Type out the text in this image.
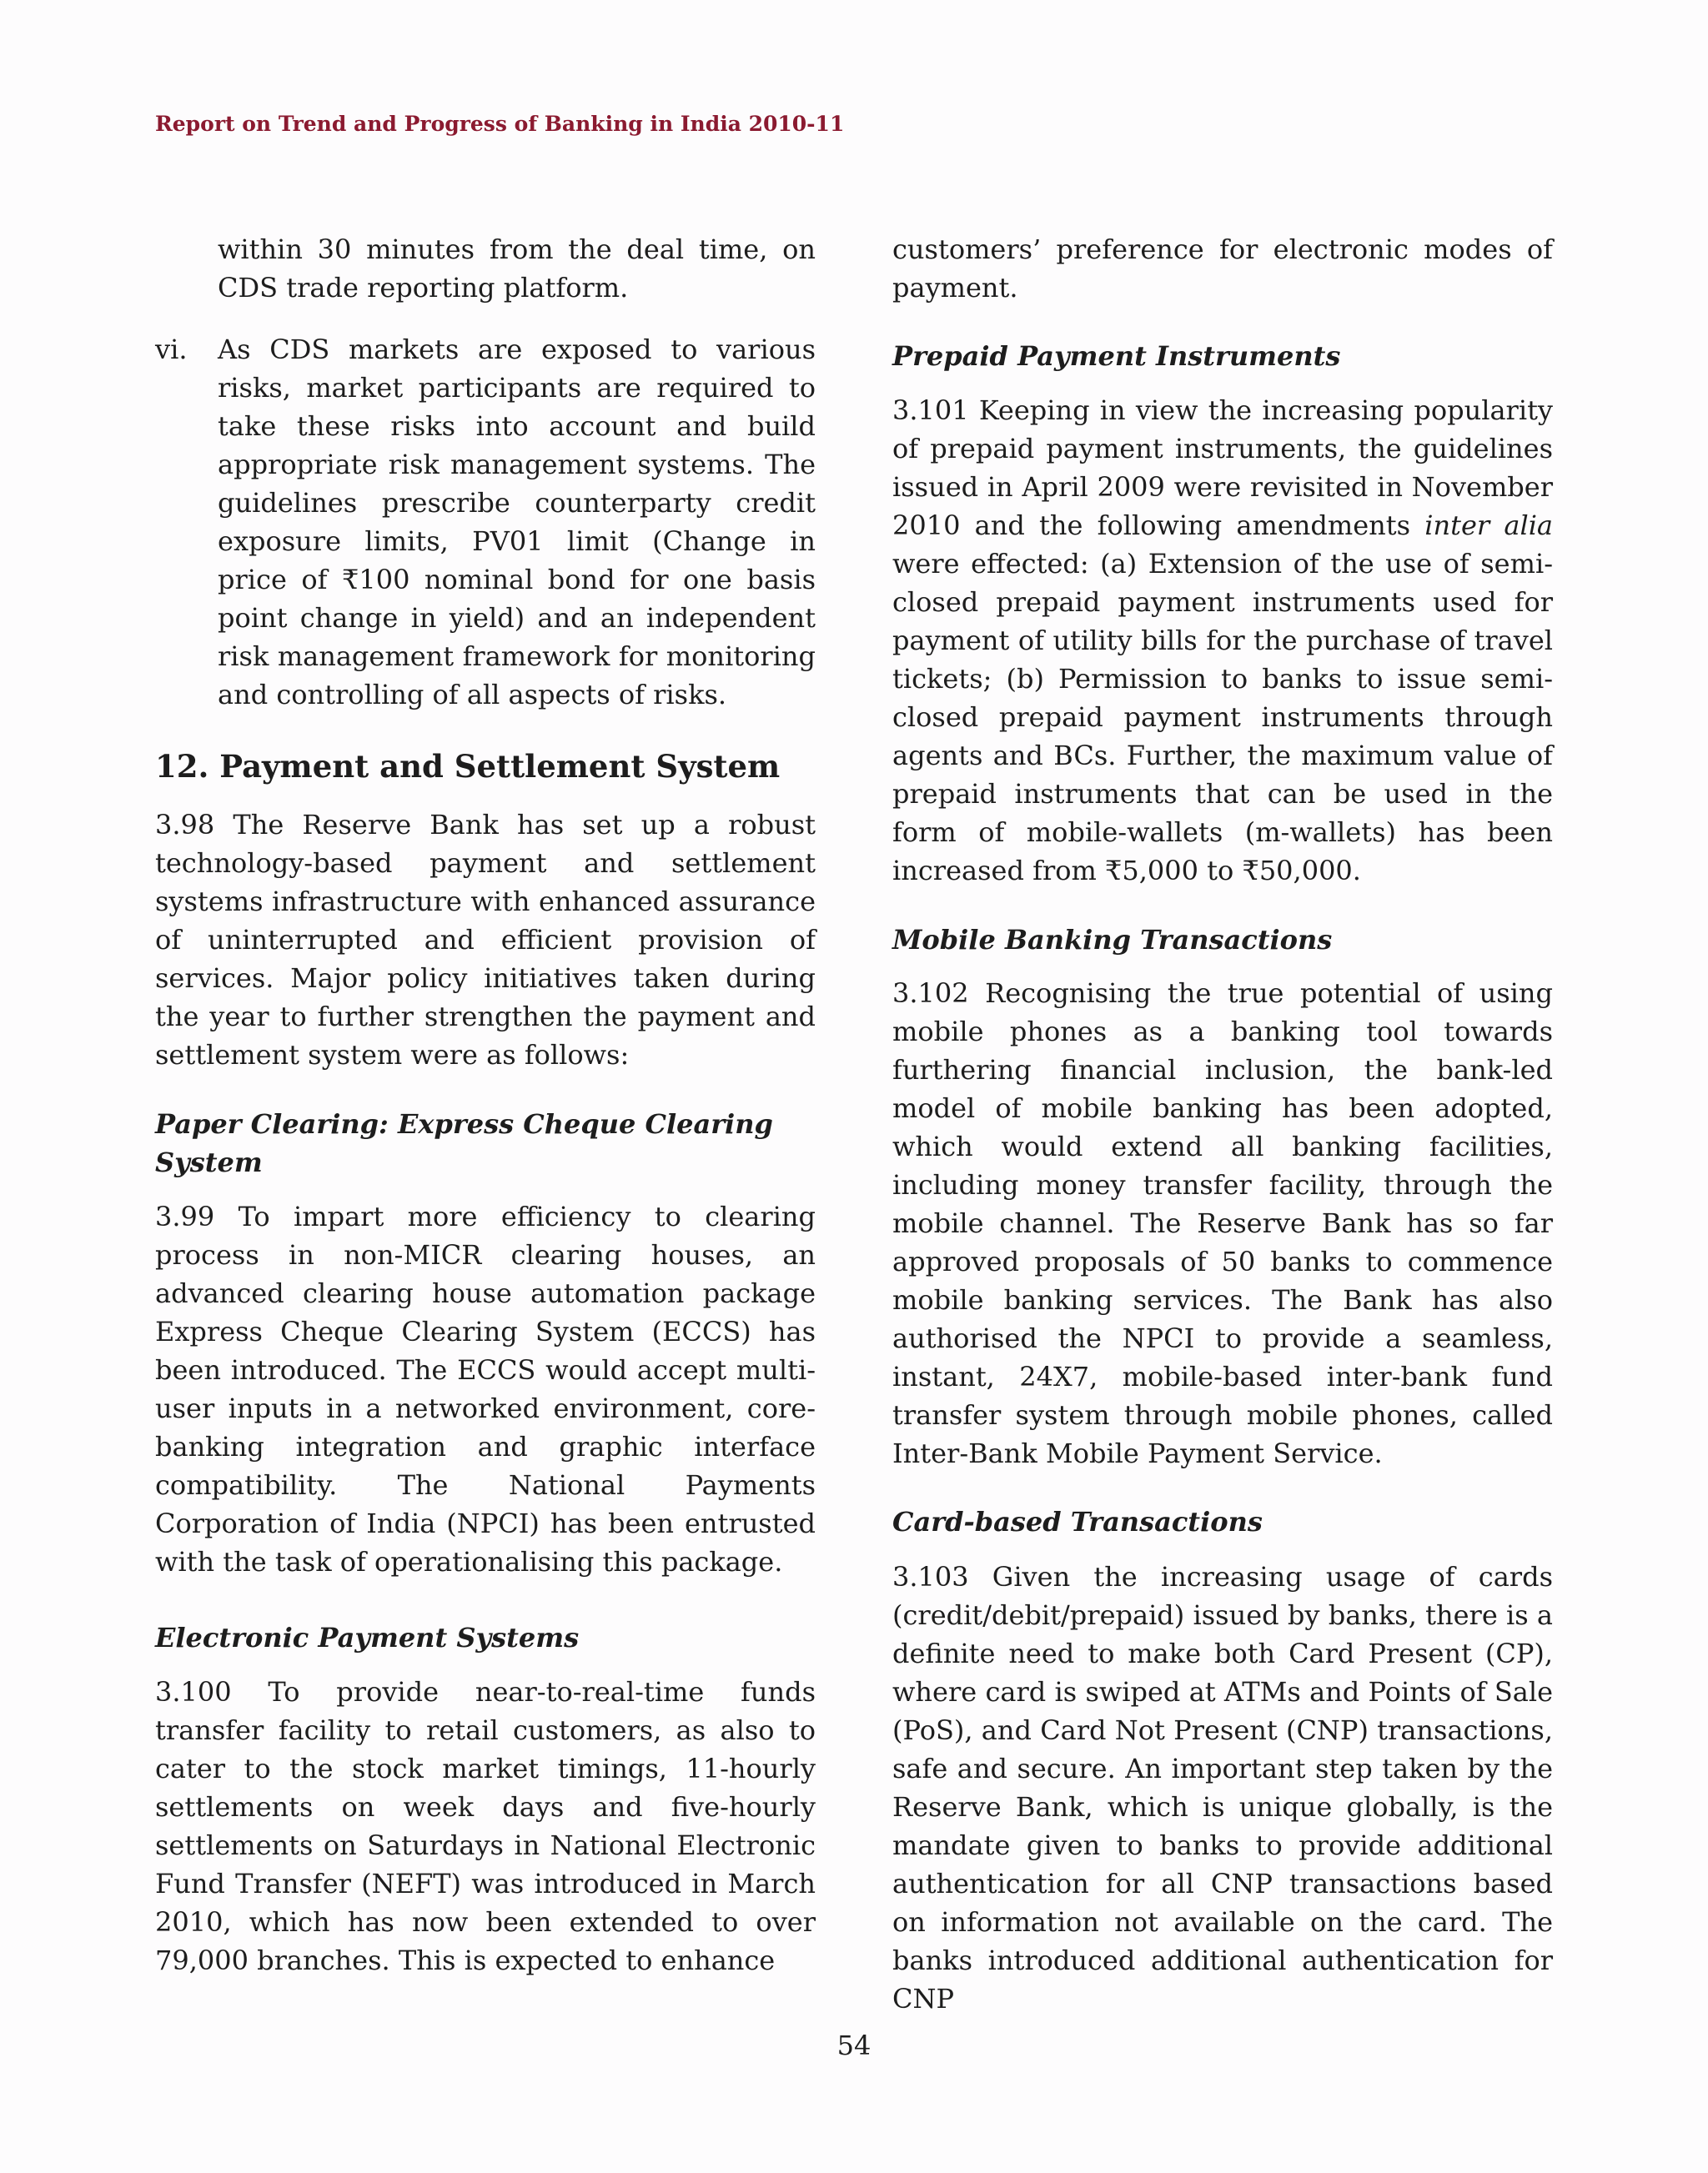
Report on Trend and Progress of Banking in India 2010-11
within 30 minutes from the deal time, on CDS trade reporting platform.
vi.	As CDS markets are exposed to various risks, market participants are required to take these risks into account and build appropriate risk management systems. The guidelines prescribe counterparty credit exposure limits, PV01 limit (Change in price of ₹100 nominal bond for one basis point change in yield) and an independent risk management framework for monitoring and controlling of all aspects of risks.
12. Payment and Settlement System
3.98 The Reserve Bank has set up a robust technology-based payment and settlement systems infrastructure with enhanced assurance of uninterrupted and efficient provision of services. Major policy initiatives taken during the year to further strengthen the payment and settlement system were as follows:
Paper Clearing: Express Cheque Clearing System
3.99 To impart more efficiency to clearing process in non-MICR clearing houses, an advanced clearing house automation package Express Cheque Clearing System (ECCS) has been introduced. The ECCS would accept multi-user inputs in a networked environment, core-banking integration and graphic interface compatibility. The National Payments Corporation of India (NPCI) has been entrusted with the task of operationalising this package.
Electronic Payment Systems
3.100 To provide near-to-real-time funds transfer facility to retail customers, as also to cater to the stock market timings, 11-hourly settlements on week days and five-hourly settlements on Saturdays in National Electronic Fund Transfer (NEFT) was introduced in March 2010, which has now been extended to over 79,000 branches. This is expected to enhance
customers’ preference for electronic modes of payment.
Prepaid Payment Instruments
3.101 Keeping in view the increasing popularity of prepaid payment instruments, the guidelines issued in April 2009 were revisited in November 2010 and the following amendments inter alia were effected: (a) Extension of the use of semi-closed prepaid payment instruments used for payment of utility bills for the purchase of travel tickets; (b) Permission to banks to issue semi-closed prepaid payment instruments through agents and BCs. Further, the maximum value of prepaid instruments that can be used in the form of mobile-wallets (m-wallets) has been increased from ₹5,000 to ₹50,000.
Mobile Banking Transactions
3.102 Recognising the true potential of using mobile phones as a banking tool towards furthering financial inclusion, the bank-led model of mobile banking has been adopted, which would extend all banking facilities, including money transfer facility, through the mobile channel. The Reserve Bank has so far approved proposals of 50 banks to commence mobile banking services. The Bank has also authorised the NPCI to provide a seamless, instant, 24X7, mobile-based inter-bank fund transfer system through mobile phones, called Inter-Bank Mobile Payment Service.
Card-based Transactions
3.103 Given the increasing usage of cards (credit/debit/prepaid) issued by banks, there is a definite need to make both Card Present (CP), where card is swiped at ATMs and Points of Sale (PoS), and Card Not Present (CNP) transactions, safe and secure. An important step taken by the Reserve Bank, which is unique globally, is the mandate given to banks to provide additional authentication for all CNP transactions based on information not available on the card. The banks introduced additional authentication for CNP
54
